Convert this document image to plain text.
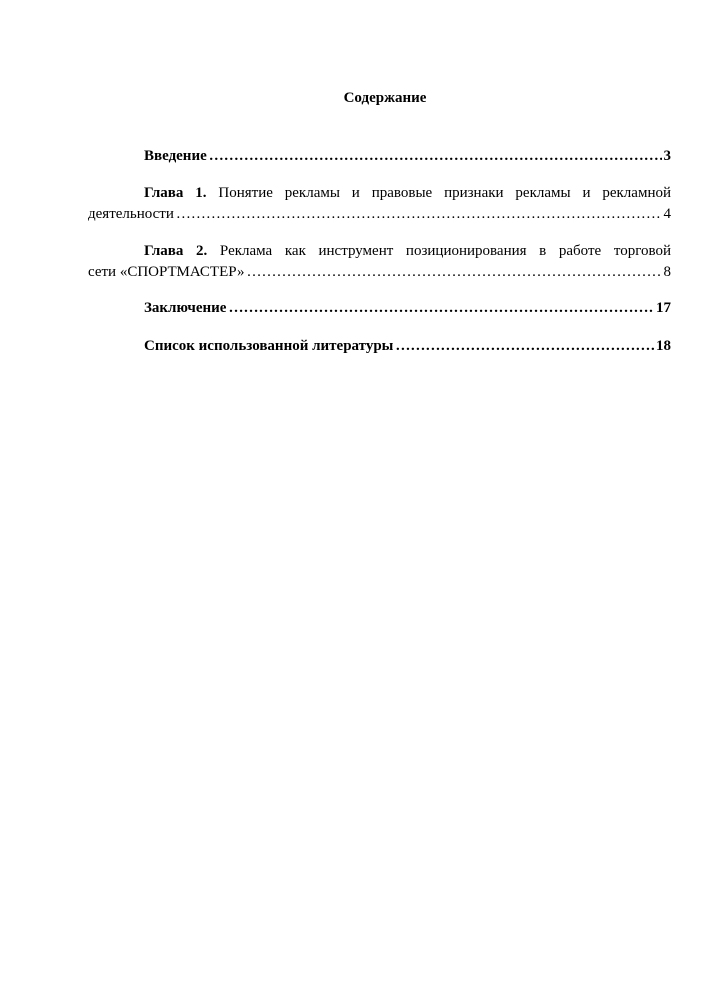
Содержание
Введение …………………………………………………………………………………………………………………………………………………………………………………………	3
Глава 1. Понятие рекламы и правовые признаки рекламы и рекламной
деятельности …………………………………………………………………………………………………………………………………………………………………………………………	4
Глава 2. Реклама как инструмент позиционирования в работе торговой
сети «СПОРТМАСТЕР» …………………………………………………………………………………………………………………………………………………………………………………………	8
Заключение …………………………………………………………………………………………………………………………………………………………………………………………	17
Список использованной литературы …………………………………………………………………………………………………………………………………………………………………………………………	18
